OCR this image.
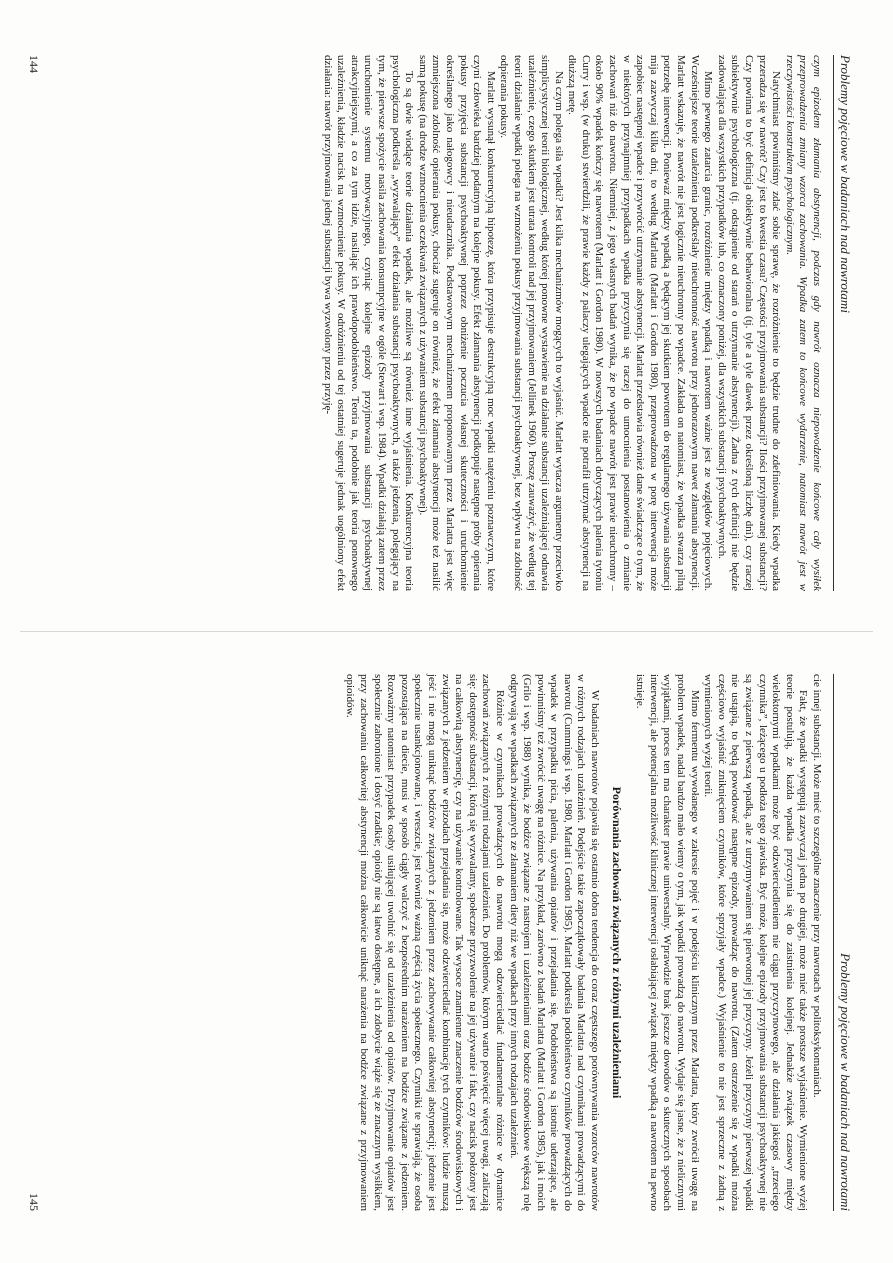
Problemy pojęciowe w badaniach nad nawrotami

czym epizodem złamania abstynencji, podczas gdy nawrót oznacza niepowodzenie końcowe cały wysiłek przeprowadzenia zmiany wzorca zachowania. Wpadka zatem to końcowe wydarzenie, natomiast nawrót jest w rzeczywistości konstruktem psychologicznym.

Natychmiast powinniśmy zdać sobie sprawę, że rozróżnienie to będzie trudne do zdefiniowania. Kiedy wpadka przeradza się w nawrót? Czy jest to kwestia czasu? Częstości przyjmowania substancji? Ilości przyjmowanej substancji? Czy powinna to być definicja obiektywnie behawioralna (tj. tyle a tyle dawek przez określoną liczbę dni), czy raczej subiektywnie psychologiczna (tj. odstąpienie od starań o utrzymanie abstynencji). Żadna z tych definicji nie będzie zadowalająca dla wszystkich przypadków lub, co oznaczony poniżej, dla wszystkich substancji psychoaktywnych.

Mimo pewnego zatarcia granic, rozróżnienie między wpadką i nawrotem ważne jest ze względów pojęciowych. Wcześniejsze teorie uzależnienia podkreślały nieuchronność nawrotu przy jednorazowym nawet złamaniu abstynencji. Marlatt wskazuje, że nawrót nie jest logicznie nieuchronny po wpadce. Zakłada on natomiast, że wpadka stwarza pilną potrzebę interwencji. Ponieważ między wpadką a będącym jej skutkiem powrotem do regularnego używania substancji mija zazwyczaj kilka dni, to według Marlatta (Marlatt i Gordon 1980), przeprowadzona w porę interwencja może zapobiec następnej wpadce i przywrócić utrzymanie abstynencji. Marlatt przedstawia również dane świadczące o tym, że w niektórych przynajmniej przypadkach wpadka przyczynia się raczej do umocnienia postanowienia o zmianie zachowań niż do nawrotu. Niemniej, z jego własnych badań wynika, że po wpadce nawrót jest prawie nieuchronny – około 90% wpadek kończy się nawrotem (Marlatt i Gordon 1980). W nowszych badaniach dotyczących palenia tytoniu Curry i wsp. (w druku) stwierdzili, że prawie każdy z palaczy ulegających wpadce nie potrafił utrzymać abstynencji na dłuższą metę.

Na czym polega siła wpadki? Jest kilka mechanizmów mogących to wyjaśnić. Marlatt wytacza argumenty przeciwko simplicystycznej teorii biologicznej, według której ponowne wystawienie na działanie substancji uzależniającej odnawia uzależnienie, czego skutkiem jest utrata kontroli nad jej przyjmowaniem (Jellinek 1960). Proszę zauważyć, że według tej teorii działanie wpadki polega na wzmożeniu pokusy przyjmowania substancji psychoaktywnej, bez wpływu na zdolność odpierania pokusy.

Marlatt wysunął konkurencyjną hipotezę, która przypisuje destrukcyjną moc wpadki natężeniu poznawczym, które czyni człowieka bardziej podatnym na kolejne pokusy. Efekt złamania abstynencji podkopuje następne próby opierania pokusy przyjęcia substancji psychoaktywnej poprzez obniżenie poczucia własnej skuteczności i uruchomienie określanego jako nałogowcy i nieudacznika. Podstawowym mechanizmem proponowanym przez Marlatta jest więc zmniejszona zdolność opierania pokusy, chociaż sugeruje on również, że efekt złamania abstynencji może też nasilić samą pokusę (na drodze wzmocnienia oczekiwań związanych z używaniem substancji psychoaktywnej).

To są dwie wiodące teorie działania wpadek, ale możliwe są również inne wyjaśnienia. Konkurencyjna teoria psychologiczna podkreśla „wyzwalający” efekt działania substancji psychoaktywnych, a także jedzenia, polegający na tym, że pierwsze spożycie nasila zachowania konsumpcyjne w ogóle (Stewart i wsp. 1984). Wpadki działają zatem przez uruchomienie systemu motywacyjnego, czyniąc kolejne epizody przyjmowania substancji psychoaktywnej atrakcyjniejszymi, a co za tym idzie, nasilając ich prawdopodobieństwo. Teoria ta, podobnie jak teoria ponownego uzależnienia, kładzie nacisk na wzmocnienie pokusy. W odróżnieniu od tej ostatniej sugeruje jednak uogólniony efekt działania: nawrót przyjmowania jednej substancji bywa wyzwolony przez przyję-

144
Problemy pojęciowe w badaniach nad nawrotami

cie innej substancji. Może mieć to szczególne znaczenie przy nawrotach w politoksykomaniach.

Fakt, że wpadki występują zazwyczaj jedna po drugiej, może mieć także prostsze wyjaśnienie. Wymienione wyżej teorie postulują, że każda wpadka przyczynia się do zaistnienia kolejnej. Jednakże związek czasowy między wieloktornymi wpadkami może być odzwierciedleniem nie ciągu przyczynowego, ale działania jakiegoś „trzeciego czynnika”, leżącego u podłoża tego zjawiska. Być może, kolejne epizody przyjmowania substancji psychoaktywnej nie są związane z pierwszą wpadką, ale z utrzymywaniem się pierwotnej jej przyczyny. Jeżeli przyczyny pierwszej wpadki nie ustąpią, to będą powodować następne epizody, prowadząc do nawrotu. (Zatem ostrzeżenie się z wpadki można częściowo wyjaśnić zniknięciem czynników, które sprzyjały wpadce.) Wyjaśnienie to nie jest sprzeczne z żadną z wymienionych wyżej teorii.

Mimo fermentu wywołanego w zakresie pojęć i w podejściu klinicznym przez Marlatta, który zwrócił uwagę na problem wpadek, nadal bardzo mało wiemy o tym, jak wpadki prowadzą do nawrotu. Wydaje się jasne, że z nielicznymi wyjątkami, proces ten ma charakter prawie uniwersalny. Wprawdzie brak jeszcze dowodów o skutecznych sposobach interwencji, ale potencjalna możliwość klinicznej interwencji osłabiającej związek między wpadką a nawrotem na pewno istnieje.

Porównania zachowań związanych z różnymi uzależnieniami

W badaniach nawrotów pojawiła się ostatnio dobra tendencja do coraz częstszego porównywania wzorców nawrotów w różnych rodzajach uzależnień. Podejście takie zapoczątkowały badania Marlatta nad czynnikami prowadzącymi do nawrotu (Cummings i wsp. 1980, Marlatt i Gordon 1985). Marlatt podkreśla podobieństwo czynników prowadzących do wpadek w przypadku picia, palenia, używania opiatów i przejadania się. Podobieństwa są istotnie uderzające, ale powinniśmy też zwrócić uwagę na różnice. Na przykład, zarówno z badań Marlatta (Marlatt i Gordon 1985), jak i moich (Grilo i wsp. 1988) wynika, że bodźce związane z nastrojem i uzależnieniami oraz bodźce środowiskowe większą rolę odgrywają we wpadkach związanych ze złamaniem diety niż we wpadkach przy innych rodzajach uzależnień.

Różnice w czynnikach prowadzących do nawrotu mogą odzwierciedlać fundamentalne różnice w dynamice zachowań związanych z różnymi rodzajami uzależnień. Do problemów, którym warto poświęcić więcej uwagi, zaliczają się: dostępność substancji, którą się wyzwalamy, społeczne przyzwolenie na jej używanie i fakt, czy nacisk położony jest na całkowitą abstynencję, czy na używanie kontrolowane. Tak wysoce znamienne znaczenie bodźców środowiskowych i związanych z jedzeniem w epizodach przejadania się, może odzwierciedlać kombinację tych czynników: ludzie muszą jeść i nie mogą uniknąć bodźców związanych z jedzeniem przez zachowywanie całkowitej abstynencji; jedzenie jest społecznie usankcjonowane, i wreszcie, jest również ważną częścią życia społecznego. Czynniki te sprawiają, że osoba pozostająca na diecie, musi w sposób ciągły walczyć z bezpośrednim narażeniem na bodźce związane z jedzeniem. Rozważmy natomiast przypadek osoby usiłującej uwolnić się od uzależnienia od opiatów. Przyjmowanie opiatów jest społecznie zabronione i dosyć rzadkie; opioidy nie są łatwo dostępne, a ich zdobycie wiąże się ze znacznym wysiłkiem, przy zachowaniu całkowitej abstynencji można całkowicie uniknąć narażenia na bodźce związane z przyjmowaniem opioidów.

145
